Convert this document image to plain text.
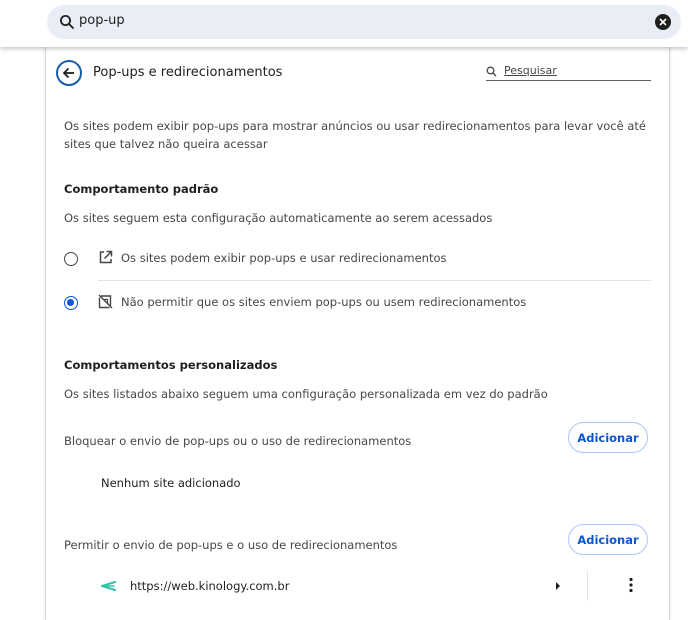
pop-up
Pop-ups e redirecionamentos	Pesquisar
Os sites podem exibir pop-ups para mostrar anúncios ou usar redirecionamentos para levar você até sites que talvez não queira acessar
Comportamento padrão
Os sites seguem esta configuração automaticamente ao serem acessados
Os sites podem exibir pop-ups e usar redirecionamentos
Não permitir que os sites enviem pop-ups ou usem redirecionamentos
Comportamentos personalizados
Os sites listados abaixo seguem uma configuração personalizada em vez do padrão
Bloquear o envio de pop-ups ou o uso de redirecionamentos	Adicionar
Nenhum site adicionado
Permitir o envio de pop-ups e o uso de redirecionamentos	Adicionar
https://web.kinology.com.br
